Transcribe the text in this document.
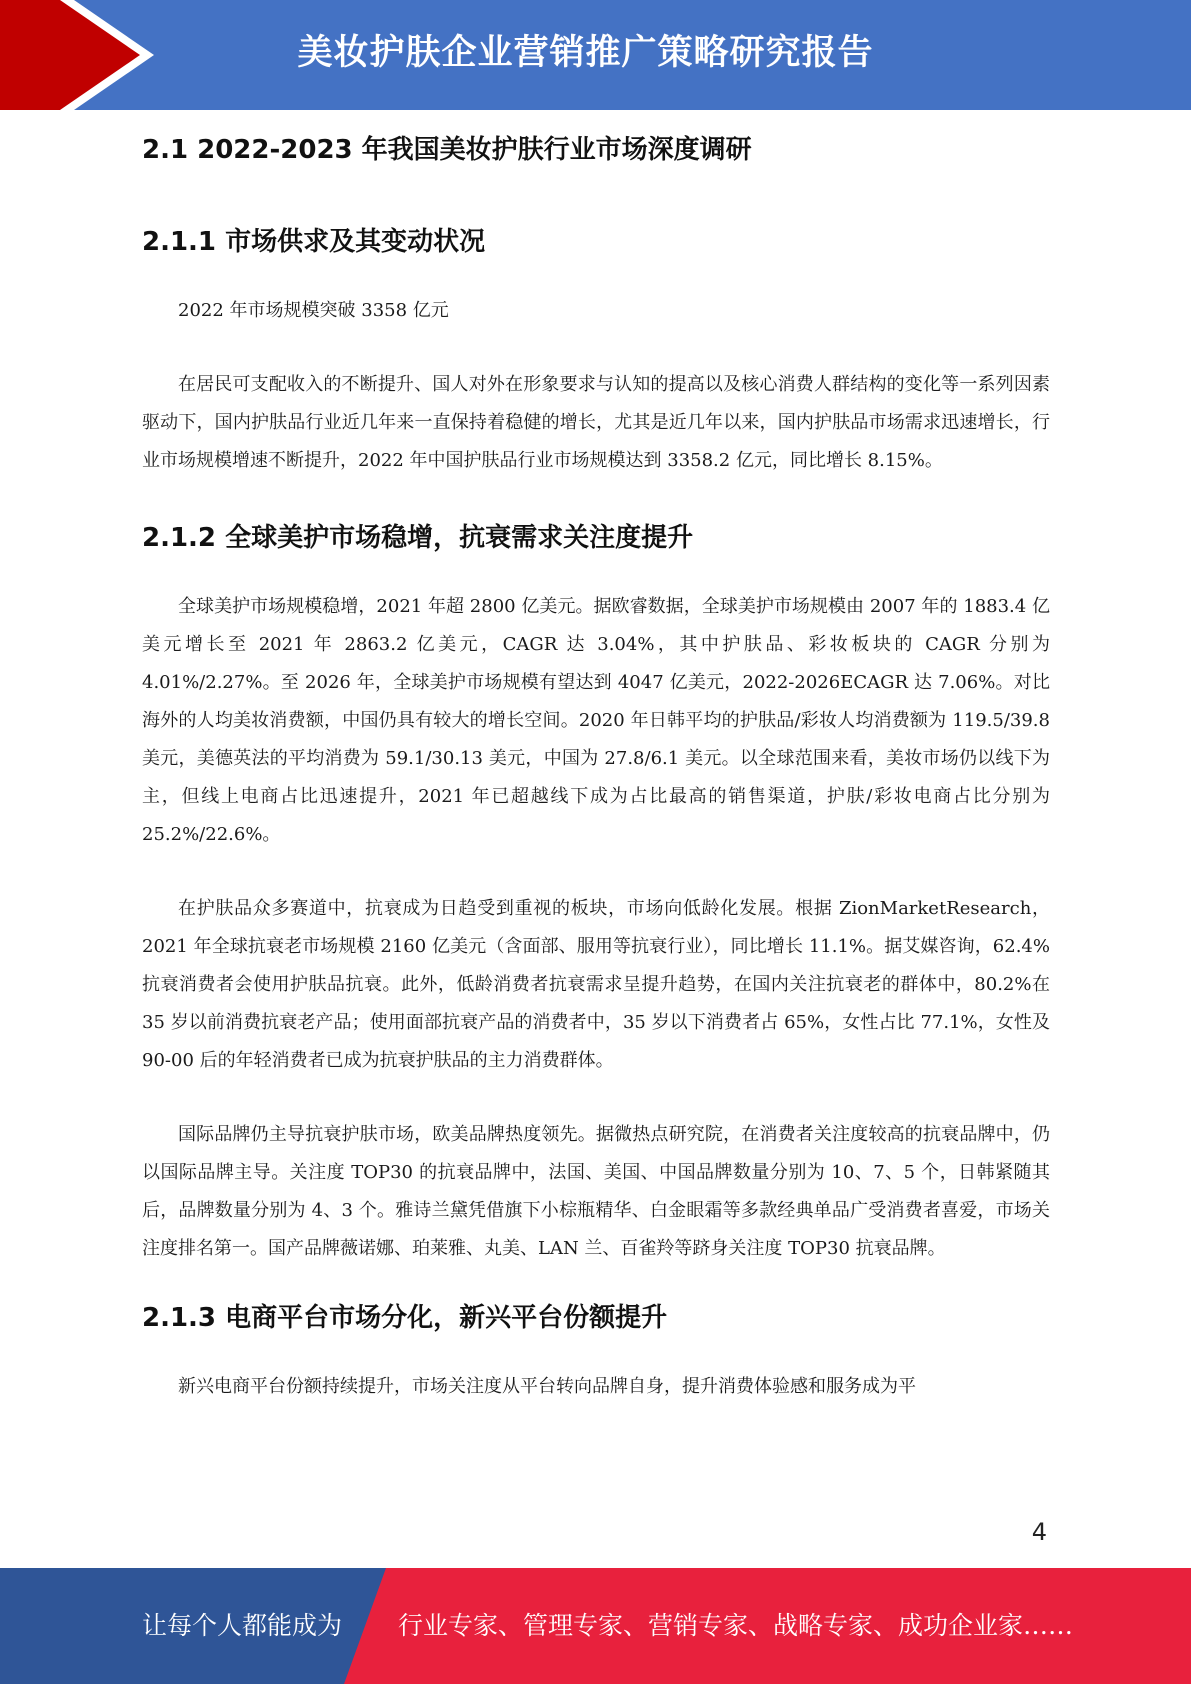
美妆护肤企业营销推广策略研究报告
2.1 2022-2023 年我国美妆护肤行业市场深度调研
2.1.1 市场供求及其变动状况

2022 年市场规模突破 3358 亿元

在居民可支配收入的不断提升、国人对外在形象要求与认知的提高以及核心消费人群结构的变化等一系列因素驱动下，国内护肤品行业近几年来一直保持着稳健的增长，尤其是近几年以来，国内护肤品市场需求迅速增长，行业市场规模增速不断提升，2022 年中国护肤品行业市场规模达到 3358.2 亿元，同比增长 8.15%。

2.1.2 全球美护市场稳增，抗衰需求关注度提升

全球美护市场规模稳增，2021 年超 2800 亿美元。据欧睿数据，全球美护市场规模由 2007 年的 1883.4 亿美元增长至 2021 年 2863.2 亿美元，CAGR 达 3.04%，其中护肤品、彩妆板块的 CAGR 分别为 4.01%/2.27%。至 2026 年，全球美护市场规模有望达到 4047 亿美元，2022-2026ECAGR 达 7.06%。对比海外的人均美妆消费额，中国仍具有较大的增长空间。2020 年日韩平均的护肤品/彩妆人均消费额为 119.5/39.8 美元，美德英法的平均消费为 59.1/30.13 美元，中国为 27.8/6.1 美元。以全球范围来看，美妆市场仍以线下为主，但线上电商占比迅速提升，2021 年已超越线下成为占比最高的销售渠道，护肤/彩妆电商占比分别为 25.2%/22.6%。

在护肤品众多赛道中，抗衰成为日趋受到重视的板块，市场向低龄化发展。根据 ZionMarketResearch，2021 年全球抗衰老市场规模 2160 亿美元（含面部、服用等抗衰行业），同比增长 11.1%。据艾媒咨询，62.4%抗衰消费者会使用护肤品抗衰。此外，低龄消费者抗衰需求呈提升趋势，在国内关注抗衰老的群体中，80.2%在 35 岁以前消费抗衰老产品；使用面部抗衰产品的消费者中，35 岁以下消费者占 65%，女性占比 77.1%，女性及 90-00 后的年轻消费者已成为抗衰护肤品的主力消费群体。

国际品牌仍主导抗衰护肤市场，欧美品牌热度领先。据微热点研究院，在消费者关注度较高的抗衰品牌中，仍以国际品牌主导。关注度 TOP30 的抗衰品牌中，法国、美国、中国品牌数量分别为 10、7、5 个，日韩紧随其后，品牌数量分别为 4、3 个。雅诗兰黛凭借旗下小棕瓶精华、白金眼霜等多款经典单品广受消费者喜爱，市场关注度排名第一。国产品牌薇诺娜、珀莱雅、丸美、LAN 兰、百雀羚等跻身关注度 TOP30 抗衰品牌。

2.1.3 电商平台市场分化，新兴平台份额提升

新兴电商平台份额持续提升，市场关注度从平台转向品牌自身，提升消费体验感和服务成为平

4
让每个人都能成为 行业专家、管理专家、营销专家、战略专家、成功企业家……
